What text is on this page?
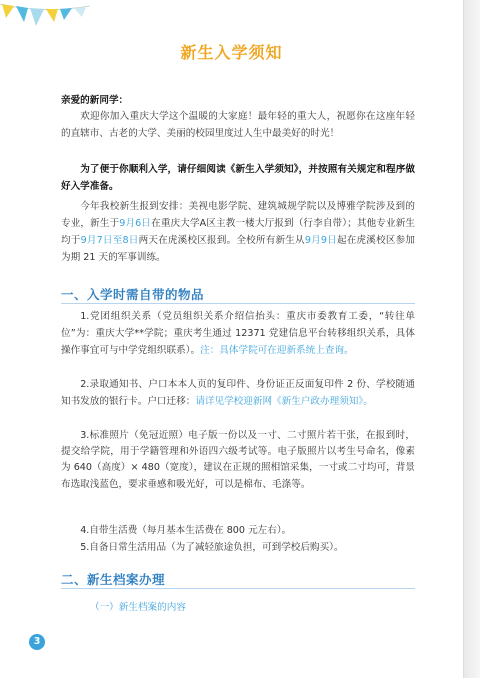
新生入学须知
亲爱的新同学：
欢迎你加入重庆大学这个温暖的大家庭！最年轻的重大人，祝愿你在这座年轻的直辖市、古老的大学、美丽的校园里度过人生中最美好的时光！
为了便于你顺利入学，请仔细阅读《新生入学须知》，并按照有关规定和程序做好入学准备。
今年我校新生报到安排：美视电影学院、建筑城规学院以及博雅学院涉及到的专业，新生于9月6日在重庆大学A区主教一楼大厅报到（行李自带）；其他专业新生均于9月7日至8日两天在虎溪校区报到。全校所有新生从9月9日起在虎溪校区参加为期 21 天的军事训练。
一、入学时需自带的物品
1.党团组织关系（党员组织关系介绍信抬头：重庆市委教育工委，“转往单位”为：重庆大学**学院；重庆考生通过 12371 党建信息平台转移组织关系，具体操作事宜可与中学党组织联系）。注：具体学院可在迎新系统上查询。
2.录取通知书、户口本本人页的复印件、身份证正反面复印件 2 份、学校随通知书发放的银行卡。户口迁移：请详见学校迎新网《新生户政办理须知》。
3.标准照片（免冠近照）电子版一份以及一寸、二寸照片若干张，在报到时，提交给学院，用于学籍管理和外语四六级考试等。电子版照片以考生号命名，像素为 640（高度）× 480（宽度），建议在正规的照相馆采集，一寸或二寸均可，背景布选取浅蓝色，要求垂感和吸光好，可以是棉布、毛涤等。
4.自带生活费（每月基本生活费在 800 元左右）。
5.自备日常生活用品（为了减轻旅途负担，可到学校后购买）。
二、新生档案办理
（一）新生档案的内容
3
